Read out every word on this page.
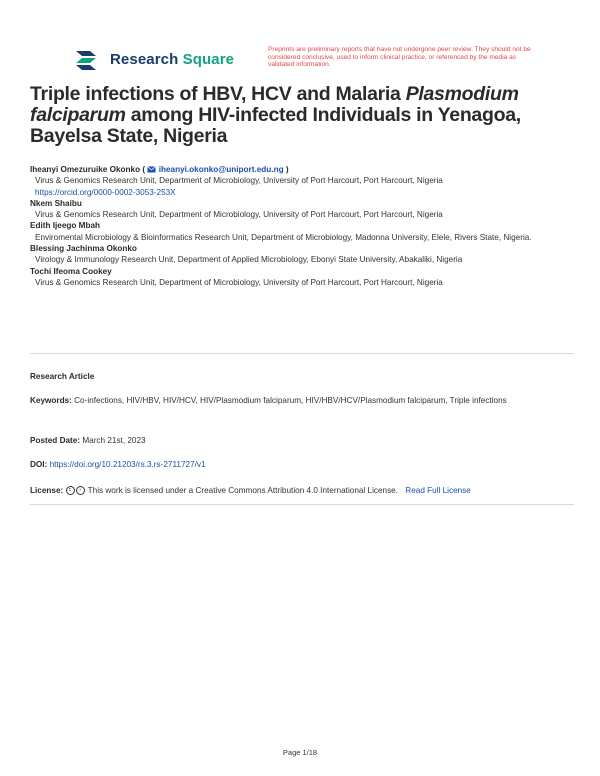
Research Square
Preprints are preliminary reports that have not undergone peer review. They should not be considered conclusive, used to inform clinical practice, or referenced by the media as validated information.
Triple infections of HBV, HCV and Malaria Plasmodium falciparum among HIV-infected Individuals in Yenagoa, Bayelsa State, Nigeria
Iheanyi Omezuruike Okonko ( iheanyi.okonko@uniport.edu.ng )
Virus & Genomics Research Unit, Department of Microbiology, University of Port Harcourt, Port Harcourt, Nigeria
https://orcid.org/0000-0002-3053-253X
Nkem Shaibu
Virus & Genomics Research Unit, Department of Microbiology, University of Port Harcourt, Port Harcourt, Nigeria
Edith Ijeego Mbah
Enviromental Microbiology & Bioinformatics Research Unit, Department of Microbiology, Madonna University, Elele, Rivers State, Nigeria.
Blessing Jachinma Okonko
Virology & Immunology Research Unit, Department of Applied Microbiology, Ebonyi State University, Abakaliki, Nigeria
Tochi Ifeoma Cookey
Virus & Genomics Research Unit, Department of Microbiology, University of Port Harcourt, Port Harcourt, Nigeria
Research Article
Keywords: Co-infections, HIV/HBV, HIV/HCV, HIV/Plasmodium falciparum, HIV/HBV/HCV/Plasmodium falciparum, Triple infections
Posted Date: March 21st, 2023
DOI: https://doi.org/10.21203/rs.3.rs-2711727/v1
License: c i This work is licensed under a Creative Commons Attribution 4.0 International License. Read Full License
Page 1/18
